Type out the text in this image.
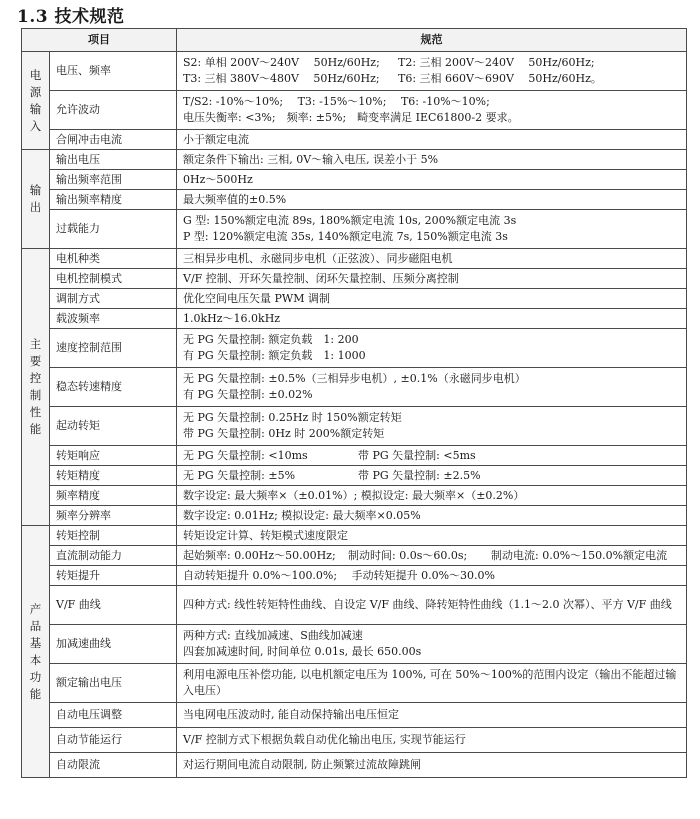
1.3 技术规范
项目		规范

电源输入	电压、频率	S2: 单相 200V～240V　 50Hz/60Hz; T2: 三相 200V～240V　 50Hz/60Hz;
T3: 三相 380V～480V　 50Hz/60Hz; T6: 三相 660V～690V　 50Hz/60Hz。

	允许波动	T/S2: -10%～10%;　 T3: -15%～10%;　 T6: -10%～10%;
电压失衡率: <3%;　频率: ±5%;　畸变率满足 IEC61800-2 要求。

	合闸冲击电流	小于额定电流

输出	输出电压	额定条件下输出: 三相, 0V～输入电压, 误差小于 5%
	输出频率范围	0Hz～500Hz
	输出频率精度	最大频率值的±0.5%
	过载能力	G 型: 150%额定电流 89s, 180%额定电流 10s, 200%额定电流 3s
P 型: 120%额定电流 35s, 140%额定电流 7s, 150%额定电流 3s

主要控制性能	电机种类	三相异步电机、永磁同步电机（正弦波）、同步磁阻电机
	电机控制模式	V/F 控制、开环矢量控制、闭环矢量控制、压频分离控制
	调制方式	优化空间电压矢量 PWM 调制
	载波频率	1.0kHz～16.0kHz
	速度控制范围	无 PG 矢量控制: 额定负载　1: 200
有 PG 矢量控制: 额定负载　1: 1000

	稳态转速精度	无 PG 矢量控制: ±0.5%（三相异步电机）, ±0.1%（永磁同步电机）
有 PG 矢量控制: ±0.02%

	起动转矩	无 PG 矢量控制: 0.25Hz 时 150%额定转矩
带 PG 矢量控制: 0Hz 时 200%额定转矩

	转矩响应	无 PG 矢量控制: <10ms 带 PG 矢量控制: <5ms

	转矩精度	无 PG 矢量控制: ±5% 带 PG 矢量控制: ±2.5%

	频率精度	数字设定: 最大频率×（±0.01%）; 模拟设定: 最大频率×（±0.2%）
	频率分辨率	数字设定: 0.01Hz; 模拟设定: 最大频率×0.05%

产品基本功能	转矩控制	转矩设定计算、转矩模式速度限定
	直流制动能力	起始频率: 0.00Hz～50.00Hz; 制动时间: 0.0s～60.0s; 制动电流: 0.0%～150.0%额定电流

	转矩提升	自动转矩提升 0.0%～100.0%;　 手动转矩提升 0.0%～30.0%
	V/F 曲线	四种方式: 线性转矩特性曲线、自设定 V/F 曲线、降转矩特性曲线（1.1～2.0 次幂）、平方 V/F 曲线
	加减速曲线	两种方式: 直线加减速、S曲线加减速
四套加减速时间, 时间单位 0.01s, 最长 650.00s

	额定输出电压	利用电源电压补偿功能, 以电机额定电压为 100%, 可在 50%～100%的范围内设定（输出不能超过输入电压）
	自动电压调整	当电网电压波动时, 能自动保持输出电压恒定
	自动节能运行	V/F 控制方式下根据负载自动优化输出电压, 实现节能运行
	自动限流	对运行期间电流自动限制, 防止频繁过流故障跳闸
